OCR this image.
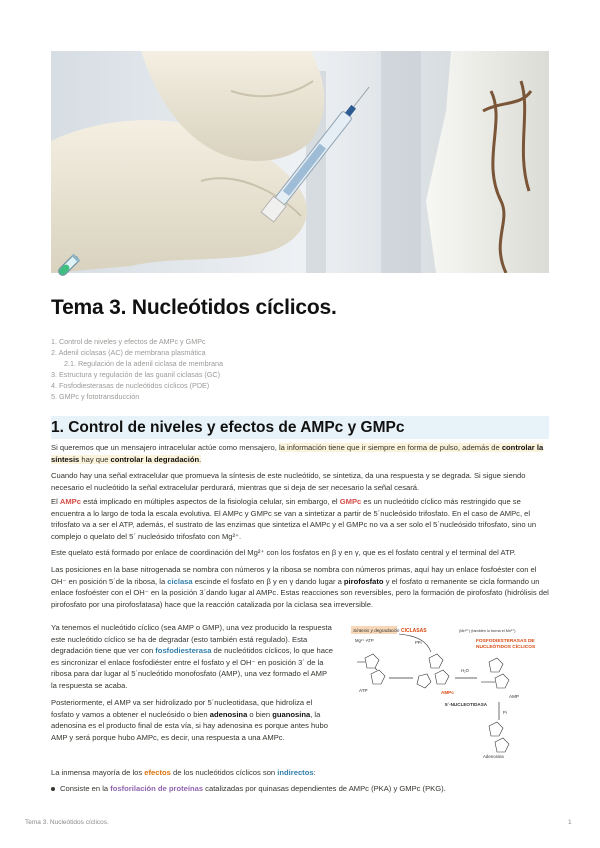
Tema 3. Nucleótidos cíclicos.
1. Control de niveles y efectos de AMPc y GMPc
2. Adenil ciclasas (AC) de membrana plasmática
2.1. Regulación de la adenil ciclasa de membrana
3. Estructura y regulación de las guanil ciclasas (GC)
4. Fosfodiesterasas de nucleótidos cíclicos (PDE)
5. GMPc y fototransducción
1. Control de niveles y efectos de AMPc y GMPc
Si queremos que un mensajero intracelular actúe como mensajero, la información tiene que ir siempre en forma de pulso, además de controlar la síntesis hay que controlar la degradación.
Cuando hay una señal extracelular que promueva la síntesis de este nucleótido, se sintetiza, da una respuesta y se degrada. Si sigue siendo necesario el nucleótido la señal extracelular perdurará, mientras que si deja de ser necesario la señal cesará.
El AMPc está implicado en múltiples aspectos de la fisiología celular, sin embargo, el GMPc es un nucleótido cíclico más restringido que se encuentra a lo largo de toda la escala evolutiva. El AMPc y GMPc se van a sintetizar a partir de 5´nucleósido trifosfato. En el caso de AMPc, el trifosfato va a ser el ATP, además, el sustrato de las enzimas que sintetiza el AMPc y el GMPc no va a ser solo el 5´nucleósido trifosfato, sino un complejo o quelato del 5´ nucleósido trifosfato con Mg²⁺.
Este quelato está formado por enlace de coordinación del Mg²⁺ con los fosfatos en β y en γ, que es el fosfato central y el terminal del ATP.
Las posiciones en la base nitrogenada se nombra con números y la ribosa se nombra con números primas, aquí hay un enlace fosfoéster con el OH⁻ en posición 5´de la ribosa, la ciclasa escinde el fosfato en β y en γ dando lugar a pirofosfato y el fosfato α remanente se cicla formando un enlace fosfoéster con el OH⁻ en la posición 3´dando lugar al AMPc. Estas reacciones son reversibles, pero la formación de pirofosfato (hidrólisis del pirofosfato por una pirofosfatasa) hace que la reacción catalizada por la ciclasa sea irreversible.
Ya tenemos el nucleótido cíclico (sea AMP o GMP), una vez producido la respuesta este nucleótido cíclico se ha de degradar (esto también está regulado). Esta degradación tiene que ver con fosfodiesterasa de nucleótidos cíclicos, lo que hace es sincronizar el enlace fosfodiéster entre el fosfato y el OH⁻ en posición 3´ de la ribosa para dar lugar al 5´nucleótido monofosfato (AMP), una vez formado el AMP la respuesta se acaba.
Posteriormente, el AMP va ser hidrolizado por 5´nucleotidasa, que hidroliza el fosfato y vamos a obtener el nucleósido o bien adenosina o bien guanosina, la adenosina es el producto final de esta vía, si hay adenosina es porque antes hubo AMP y será porque hubo AMPc, es decir, una respuesta a una AMPc.
Síntesis y degradación CICLASAS
Mg²⁺·ATP
(Mn²⁺) (también lo forma el Mn²⁺)
PPi	FOSFODIESTERASAS DE NUCLEÓTIDOS CÍCLICOS
ATP	AMPc
H₂O
AMP
5´-NUCLEOTIDASA
Pi
Adenosina
La inmensa mayoría de los efectos de los nucleótidos cíclicos son indirectos:
Consiste en la fosforilación de proteínas catalizadas por quinasas dependientes de AMPc (PKA) y GMPc (PKG).
Tema 3. Nucleótidos cíclicos.	1
